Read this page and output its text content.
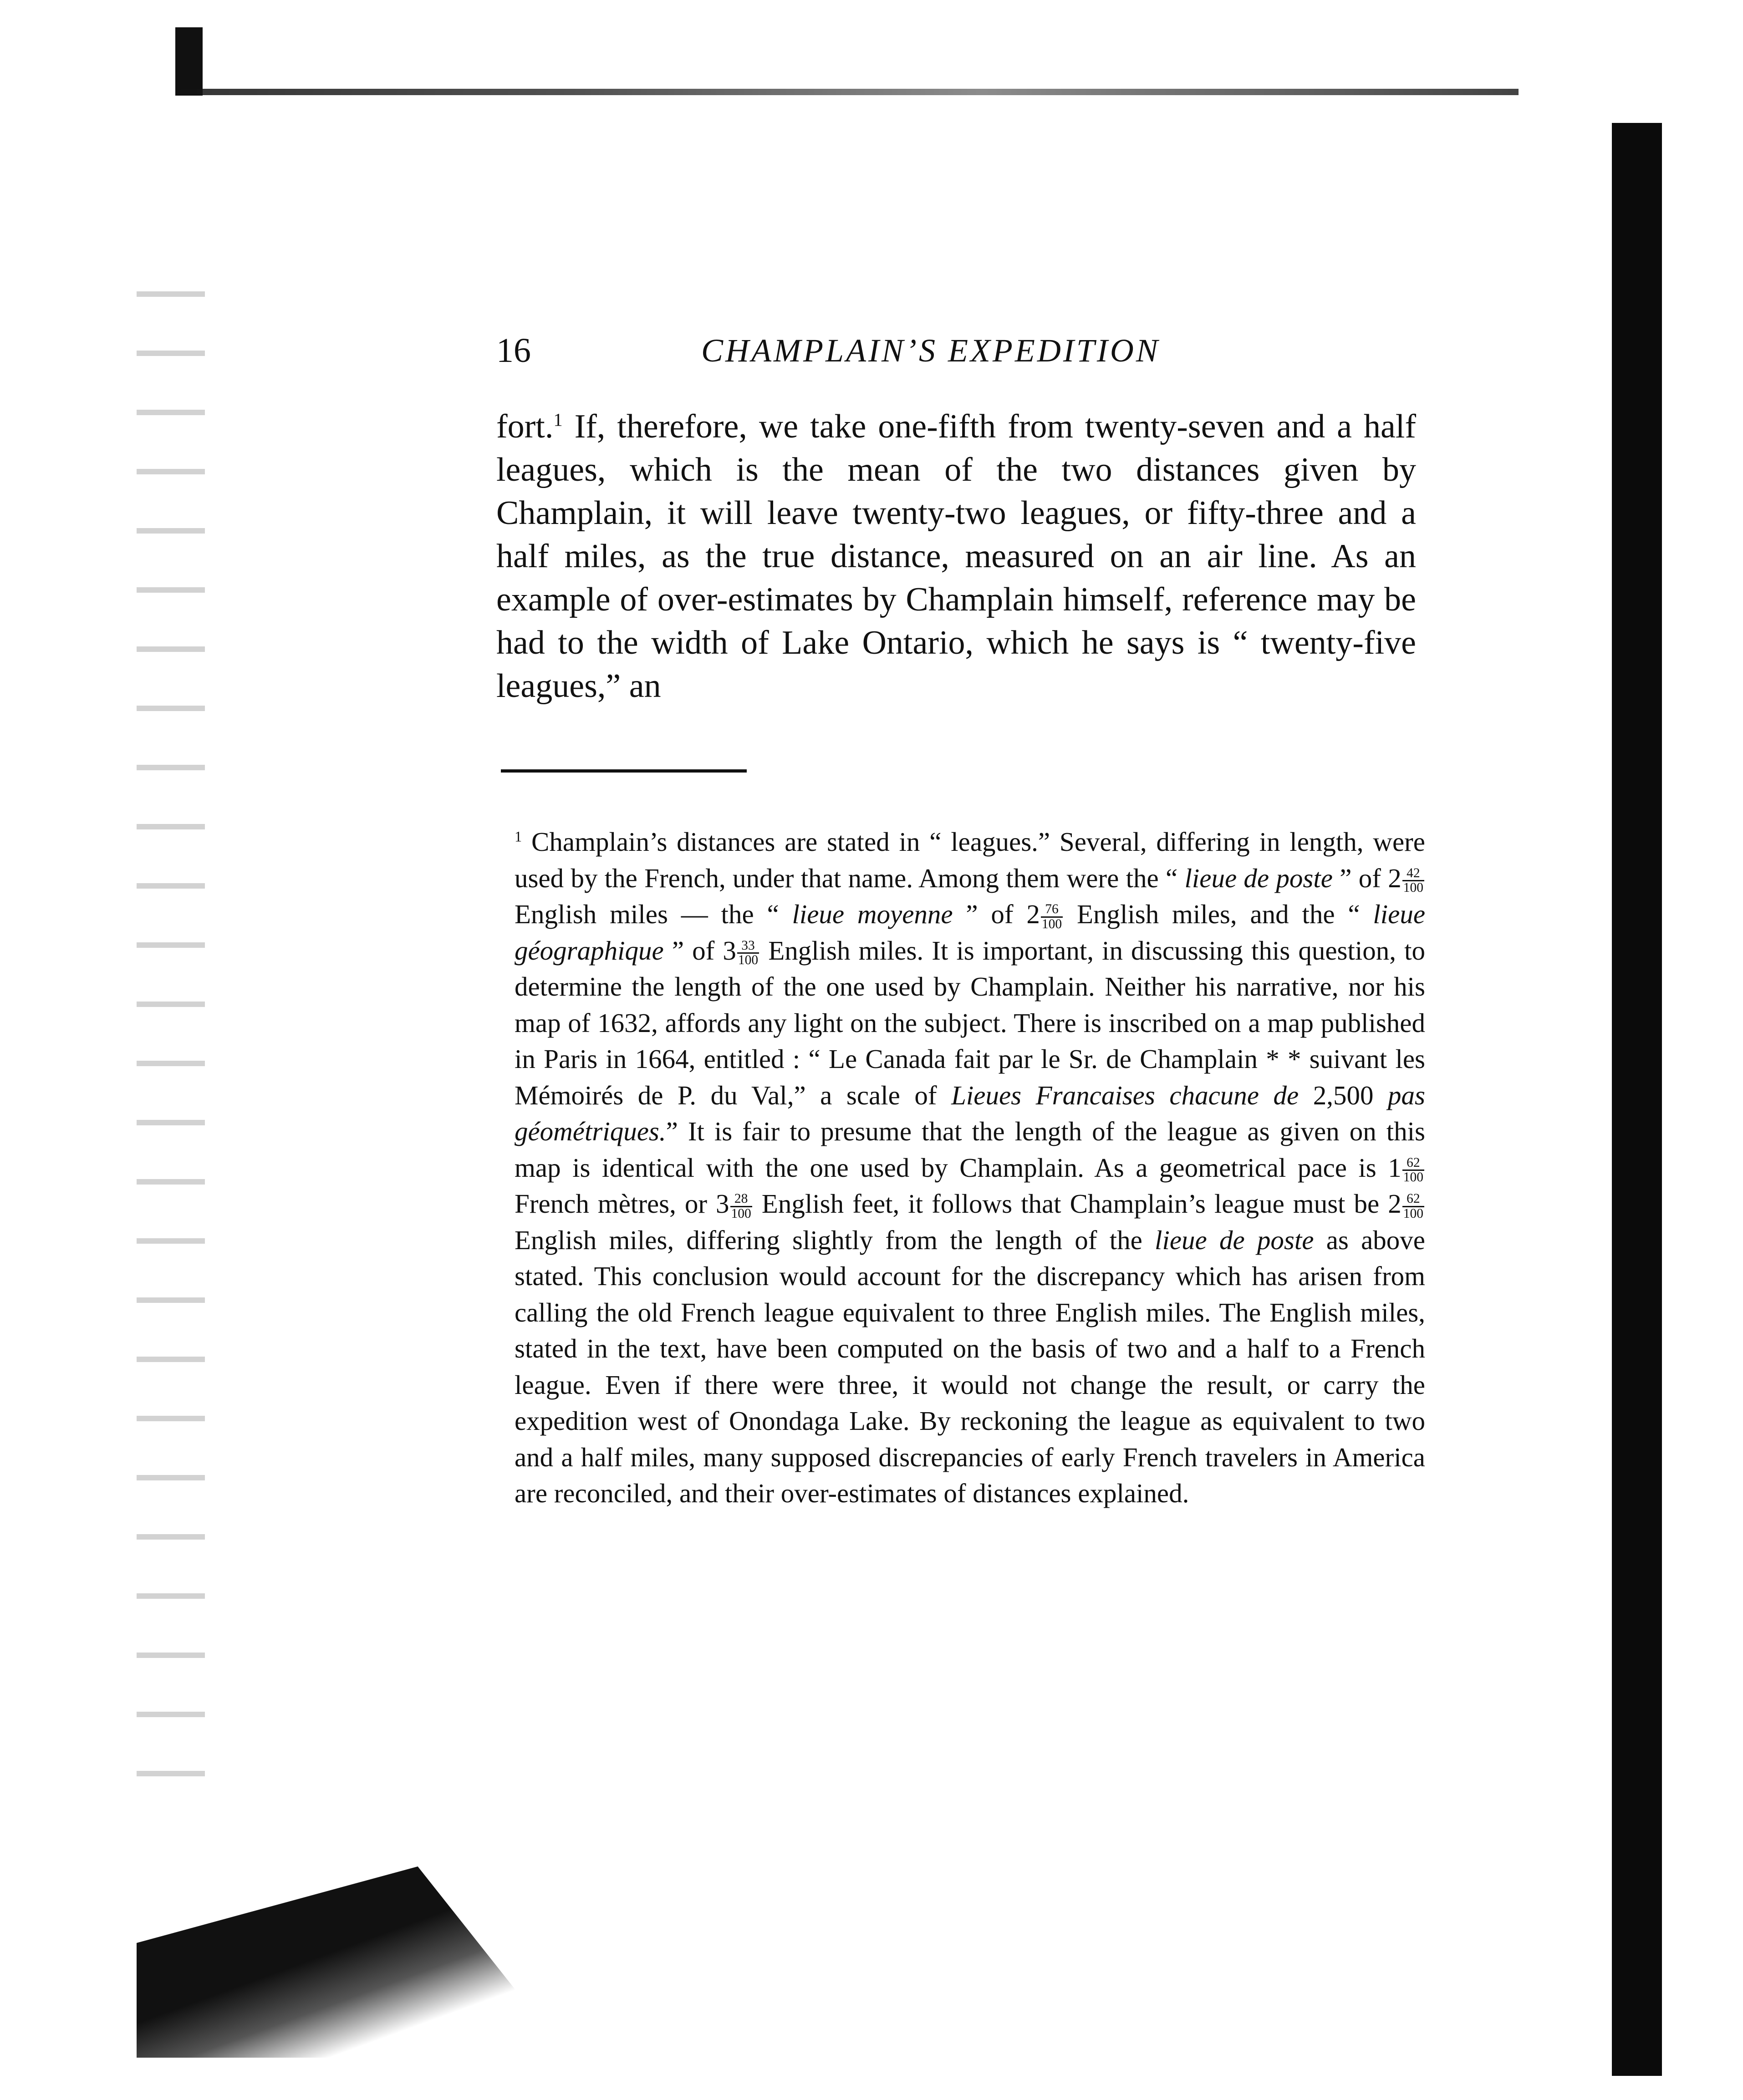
16	CHAMPLAIN’S EXPEDITION

fort.$^1$ If, therefore, we take one-fifth from twenty-seven and a half leagues, which is the mean of the two distances given by Champlain, it will leave twenty-two leagues, or fifty-three and a half miles, as the true distance, measured on an air line. As an example of over-estimates by Champlain himself, reference may be had to the width of Lake Ontario, which he says is “ twenty-five leagues,” an

$^1$ Champlain’s distances are stated in “ leagues.” Several, differing in length, were used by the French, under that name. Among them were the “ lieue de poste ” of $2 \frac{42}{100}$
English miles — the “ lieue moyenne ” of $2 \frac{76}{100}$ English miles, and the “ lieue géographique ” of $3 \frac{33}{100}$ English miles. It is important, in discussing this question, to determine the length of the one used by Champlain. Neither his narrative, nor his map of 1632, affords any light on the subject. There is inscribed on a map published in Paris in 1664, entitled : “ Le Canada fait par le Sr. de Champlain * * suivant les Mémoirés de P. du Val,” a scale of Lieues Francaises chacune de 2,500 pas géométriques.” It is fair to presume that the length of the league as given on this map is identical with the one used by Champlain. As a geometrical pace is $1 \frac{62}{100}$
French mètres, or $3 \frac{28}{100}$ English feet, it follows that Champlain’s league must be $2 \frac{62}{100}$
English miles, differing slightly from the length of the lieue de poste as above stated. This conclusion would account for the discrepancy which has arisen from calling the old French league equivalent to three English miles. The English miles, stated in the text, have been computed on the basis of two and a half to a French league. Even if there were three, it would not change the result, or carry the expedition west of Onondaga Lake. By reckoning the league as equivalent to two and a half miles, many supposed discrepancies of early French travelers in America are reconciled, and their over-estimates of distances explained.
